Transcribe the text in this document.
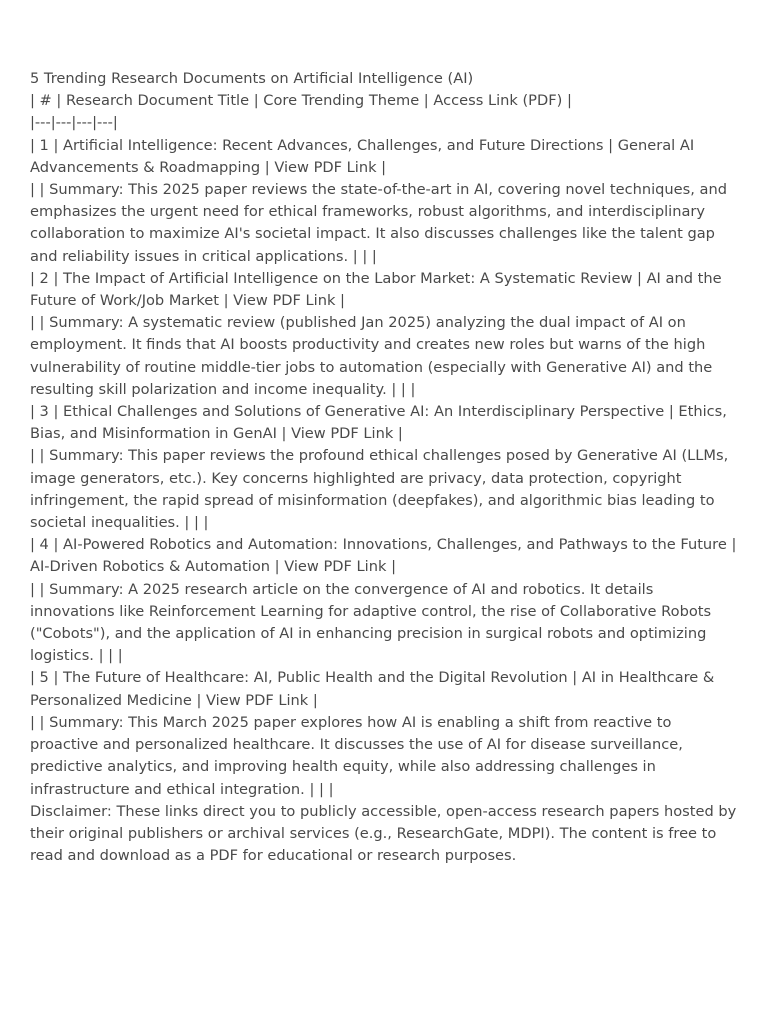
5 Trending Research Documents on Artificial Intelligence (AI)

| # | Research Document Title | Core Trending Theme | Access Link (PDF) |

|---|---|---|---|

| 1 | Artificial Intelligence: Recent Advances, Challenges, and Future Directions | General AI Advancements & Roadmapping | View PDF Link |

| | Summary: This 2025 paper reviews the state-of-the-art in AI, covering novel techniques, and emphasizes the urgent need for ethical frameworks, robust algorithms, and interdisciplinary collaboration to maximize AI's societal impact. It also discusses challenges like the talent gap and reliability issues in critical applications. | | |

| 2 | The Impact of Artificial Intelligence on the Labor Market: A Systematic Review | AI and the Future of Work/Job Market | View PDF Link |

| | Summary: A systematic review (published Jan 2025) analyzing the dual impact of AI on employment. It finds that AI boosts productivity and creates new roles but warns of the high vulnerability of routine middle-tier jobs to automation (especially with Generative AI) and the resulting skill polarization and income inequality. | | |

| 3 | Ethical Challenges and Solutions of Generative AI: An Interdisciplinary Perspective | Ethics, Bias, and Misinformation in GenAI | View PDF Link |

| | Summary: This paper reviews the profound ethical challenges posed by Generative AI (LLMs, image generators, etc.). Key concerns highlighted are privacy, data protection, copyright infringement, the rapid spread of misinformation (deepfakes), and algorithmic bias leading to societal inequalities. | | |

| 4 | AI-Powered Robotics and Automation: Innovations, Challenges, and Pathways to the Future | AI-Driven Robotics & Automation | View PDF Link |

| | Summary: A 2025 research article on the convergence of AI and robotics. It details innovations like Reinforcement Learning for adaptive control, the rise of Collaborative Robots ("Cobots"), and the application of AI in enhancing precision in surgical robots and optimizing logistics. | | |

| 5 | The Future of Healthcare: AI, Public Health and the Digital Revolution | AI in Healthcare & Personalized Medicine | View PDF Link |

| | Summary: This March 2025 paper explores how AI is enabling a shift from reactive to proactive and personalized healthcare. It discusses the use of AI for disease surveillance, predictive analytics, and improving health equity, while also addressing challenges in infrastructure and ethical integration. | | |

Disclaimer: These links direct you to publicly accessible, open-access research papers hosted by their original publishers or archival services (e.g., ResearchGate, MDPI). The content is free to read and download as a PDF for educational or research purposes.
